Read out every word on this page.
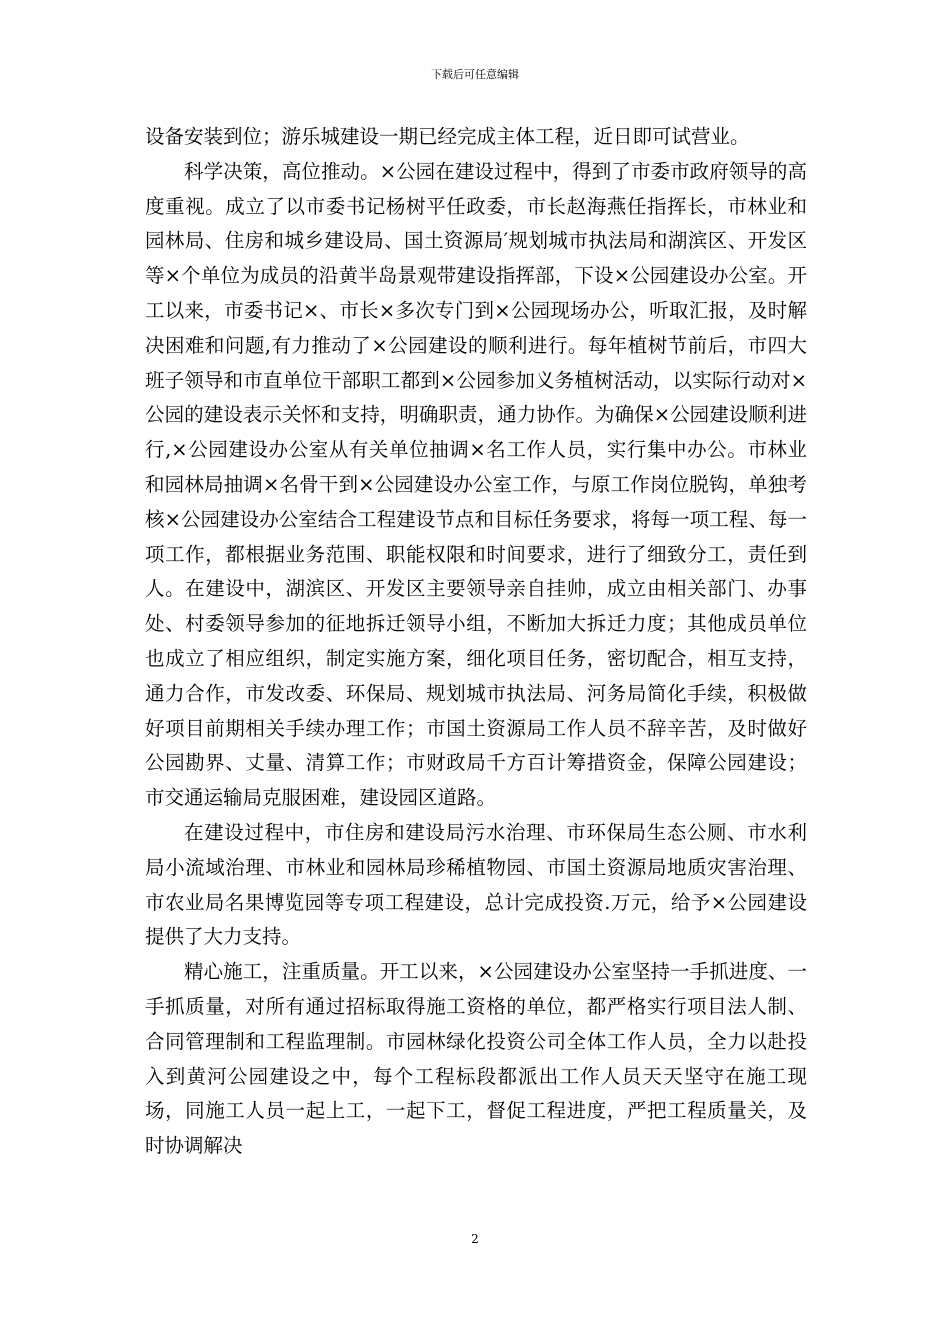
下载后可任意编辑

设备安装到位；游乐城建设一期已经完成主体工程，近日即可试营业。

科学决策，高位推动。×公园在建设过程中，得到了市委市政府领导的高度重视。成立了以市委书记杨树平任政委，市长赵海燕任指挥长，市林业和园林局、住房和城乡建设局、国土资源局′规划城市执法局和湖滨区、开发区等×个单位为成员的沿黄半岛景观带建设指挥部，下设×公园建设办公室。开工以来，市委书记×、市长×多次专门到×公园现场办公，听取汇报，及时解决困难和问题,有力推动了×公园建设的顺利进行。每年植树节前后，市四大班子领导和市直单位干部职工都到×公园参加义务植树活动，以实际行动对×公园的建设表示关怀和支持，明确职责，通力协作。为确保×公园建设顺利进行,×公园建设办公室从有关单位抽调×名工作人员，实行集中办公。市林业和园林局抽调×名骨干到×公园建设办公室工作，与原工作岗位脱钩，单独考核×公园建设办公室结合工程建设节点和目标任务要求，将每一项工程、每一项工作，都根据业务范围、职能权限和时间要求，进行了细致分工，责任到人。在建设中，湖滨区、开发区主要领导亲自挂帅，成立由相关部门、办事处、村委领导参加的征地拆迁领导小组，不断加大拆迁力度；其他成员单位也成立了相应组织，制定实施方案，细化项目任务，密切配合，相互支持，通力合作，市发改委、环保局、规划城市执法局、河务局简化手续，积极做好项目前期相关手续办理工作；市国土资源局工作人员不辞辛苦，及时做好公园勘界、丈量、清算工作；市财政局千方百计筹措资金，保障公园建设；市交通运输局克服困难，建设园区道路。

在建设过程中，市住房和建设局污水治理、市环保局生态公厕、市水利局小流域治理、市林业和园林局珍稀植物园、市国土资源局地质灾害治理、市农业局名果博览园等专项工程建设，总计完成投资.万元，给予×公园建设提供了大力支持。

精心施工，注重质量。开工以来，×公园建设办公室坚持一手抓进度、一手抓质量，对所有通过招标取得施工资格的单位，都严格实行项目法人制、合同管理制和工程监理制。市园林绿化投资公司全体工作人员，全力以赴投入到黄河公园建设之中，每个工程标段都派出工作人员天天坚守在施工现场，同施工人员一起上工，一起下工，督促工程进度，严把工程质量关，及时协调解决

2
